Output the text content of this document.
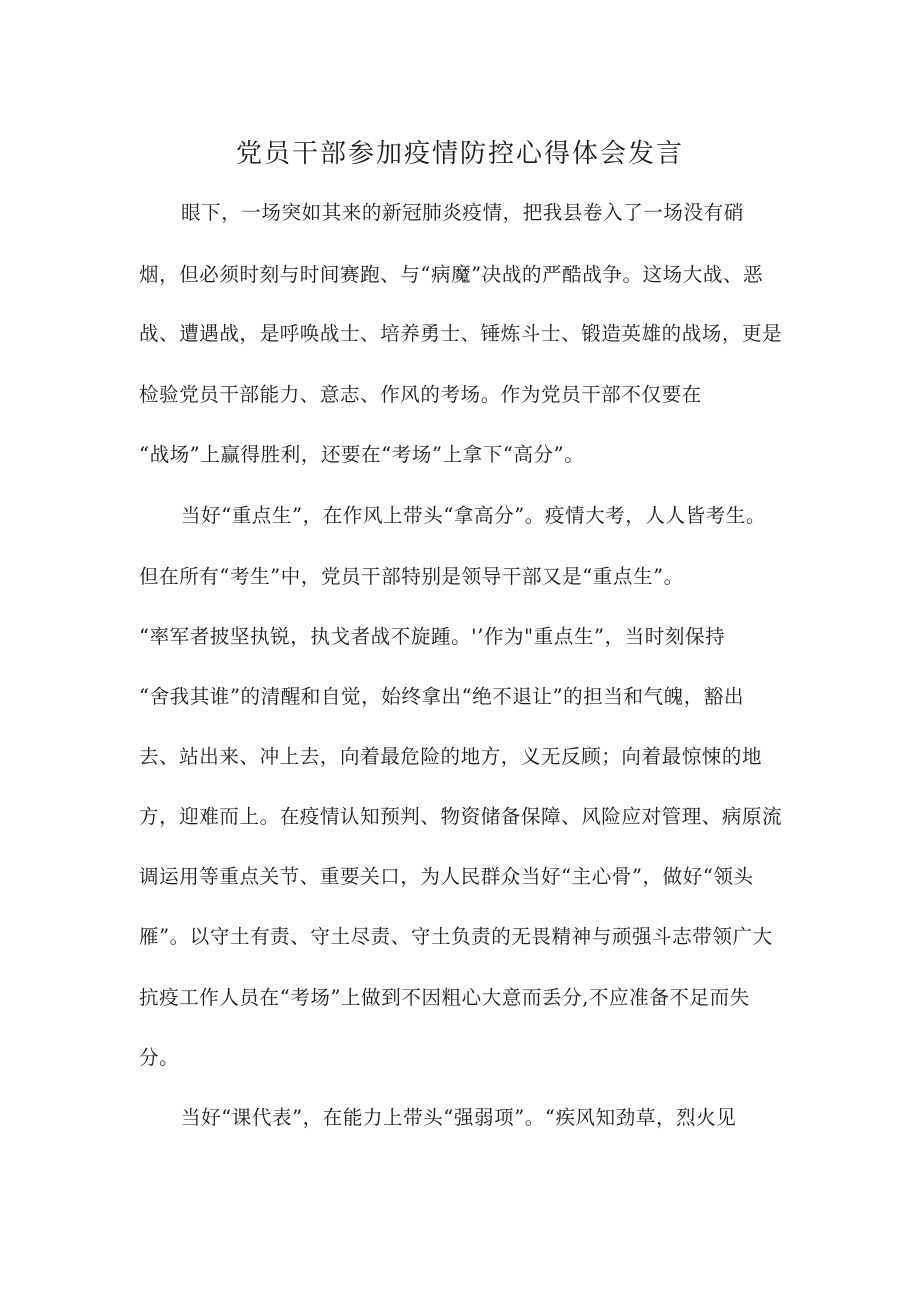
党员干部参加疫情防控心得体会发言

眼下，一场突如其来的新冠肺炎疫情，把我县卷入了一场没有硝

烟，但必须时刻与时间赛跑、与“病魔”决战的严酷战争。这场大战、恶

战、遭遇战，是呼唤战士、培养勇士、锤炼斗士、锻造英雄的战场，更是

检验党员干部能力、意志、作风的考场。作为党员干部不仅要在

“战场”上赢得胜利，还要在“考场”上拿下“高分”。

当好“重点生”，在作风上带头“拿高分”。疫情大考，人人皆考生。

但在所有“考生”中，党员干部特别是领导干部又是“重点生”。

“率军者披坚执锐，执戈者战不旋踵。'’作为"重点生”，当时刻保持

“舍我其谁”的清醒和自觉，始终拿出“绝不退让”的担当和气魄，豁出

去、站出来、冲上去，向着最危险的地方，义无反顾；向着最惊悚的地

方，迎难而上。在疫情认知预判、物资储备保障、风险应对管理、病原流

调运用等重点关节、重要关口，为人民群众当好“主心骨”，做好“领头

雁”。以守土有责、守土尽责、守土负责的无畏精神与顽强斗志带领广大

抗疫工作人员在“考场”上做到不因粗心大意而丢分,不应准备不足而失

分。

当好“课代表”，在能力上带头“强弱项”。“疾风知劲草，烈火见
